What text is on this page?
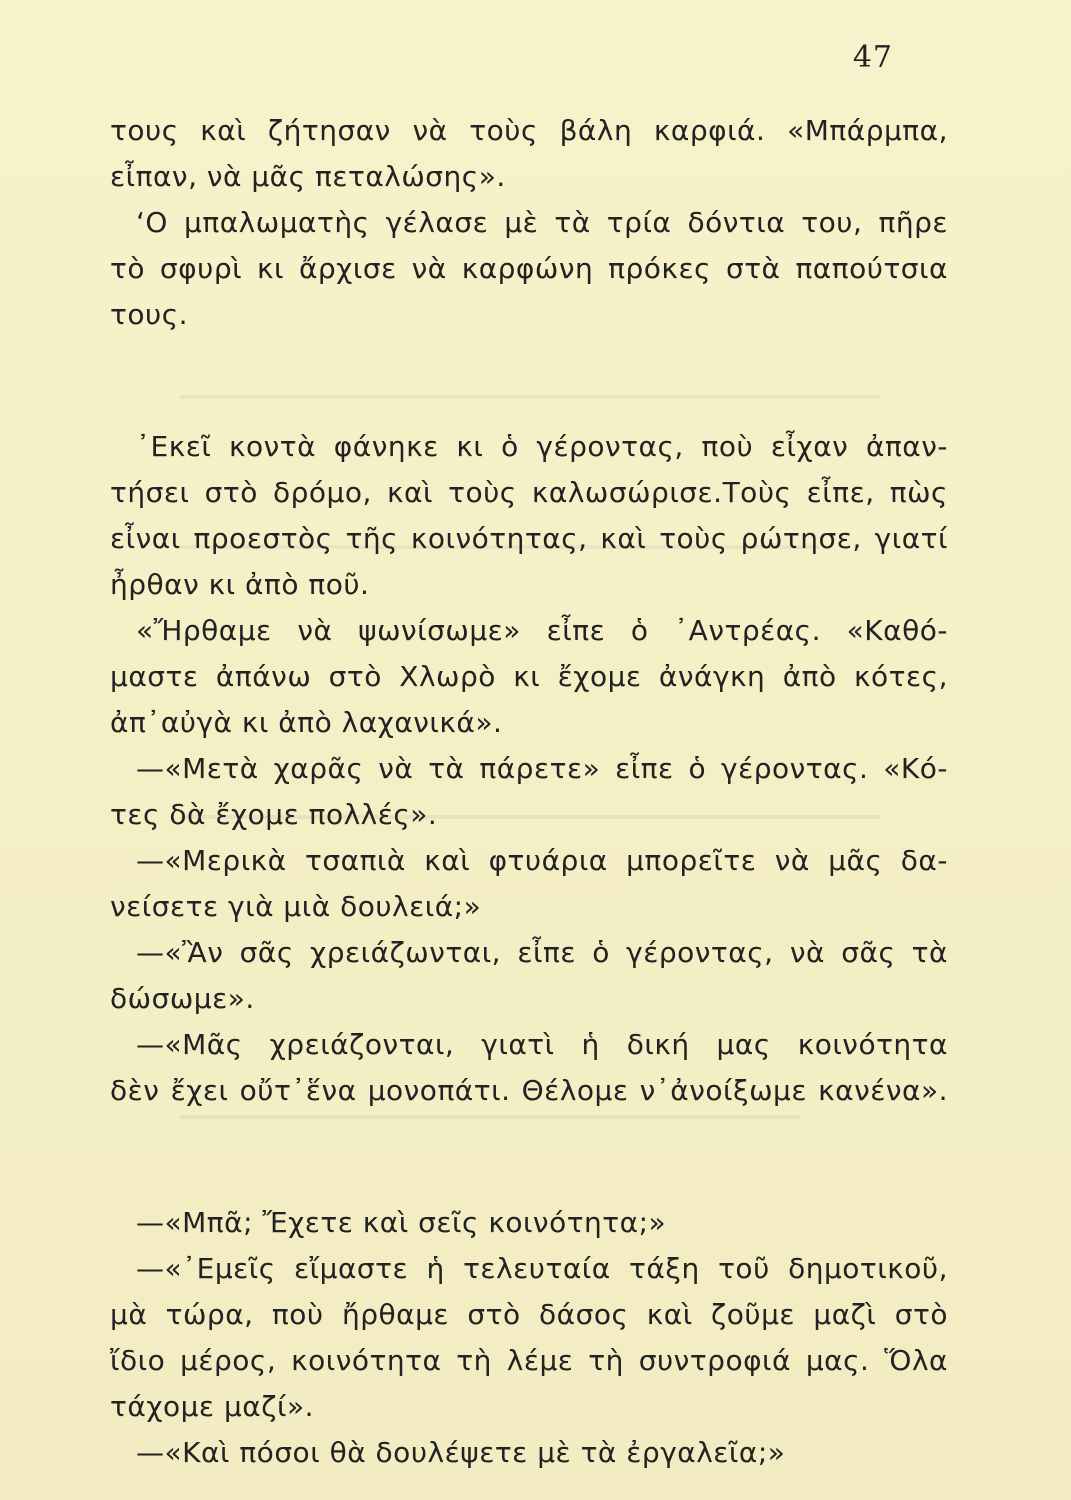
47
τους καὶ ζήτησαν νὰ τοὺς βάλη καρφιά. «Μπάρμπα,
εἶπαν, νὰ μᾶς πεταλώσης».
‘Ο μπαλωματὴς γέλασε μὲ τὰ τρία δόντια του, πῆρε
τὸ σφυρὶ κι ἄρχισε νὰ καρφώνη πρόκες στὰ παπούτσια
τους.
᾽Εκεῖ κοντὰ φάνηκε κι ὁ γέροντας, ποὺ εἶχαν ἀπαν-
τήσει στὸ δρόμο, καὶ τοὺς καλωσώρισε.Τοὺς εἶπε, πὼς
εἶναι προεστὸς τῆς κοινότητας, καὶ τοὺς ρώτησε, γιατί
ἦρθαν κι ἀπὸ ποῦ.
«Ἤρθαμε νὰ ψωνίσωμε» εἶπε ὁ ᾽Αντρέας. «Καθό-
μαστε ἀπάνω στὸ Χλωρὸ κι ἔχομε ἀνάγκη ἀπὸ κότες,
ἀπ᾽αὐγὰ κι ἀπὸ λαχανικά».
—«Μετὰ χαρᾶς νὰ τὰ πάρετε» εἶπε ὁ γέροντας. «Κό-
τες δὰ ἔχομε πολλές».
—«Μερικὰ τσαπιὰ καὶ φτυάρια μπορεῖτε νὰ μᾶς δα-
νείσετε γιὰ μιὰ δουλειά;»
—«Ἂν σᾶς χρειάζωνται, εἶπε ὁ γέροντας, νὰ σᾶς τὰ
δώσωμε».
—«Μᾶς χρειάζονται, γιατὶ ἡ δική μας κοινότητα
δὲν ἔχει οὔτ᾽ἕνα μονοπάτι. Θέλομε ν᾽ἀνοίξωμε κανένα».
—«Μπᾶ; Ἔχετε καὶ σεῖς κοινότητα;»
—«᾽Εμεῖς εἴμαστε ἡ τελευταία τάξη τοῦ δημοτικοῦ,
μὰ τώρα, ποὺ ἤρθαμε στὸ δάσος καὶ ζοῦμε μαζὶ στὸ
ἴδιο μέρος, κοινότητα τὴ λέμε τὴ συντροφιά μας. Ὅλα
τάχομε μαζί».
—«Καὶ πόσοι θὰ δουλέψετε μὲ τὰ ἐργαλεῖα;»
